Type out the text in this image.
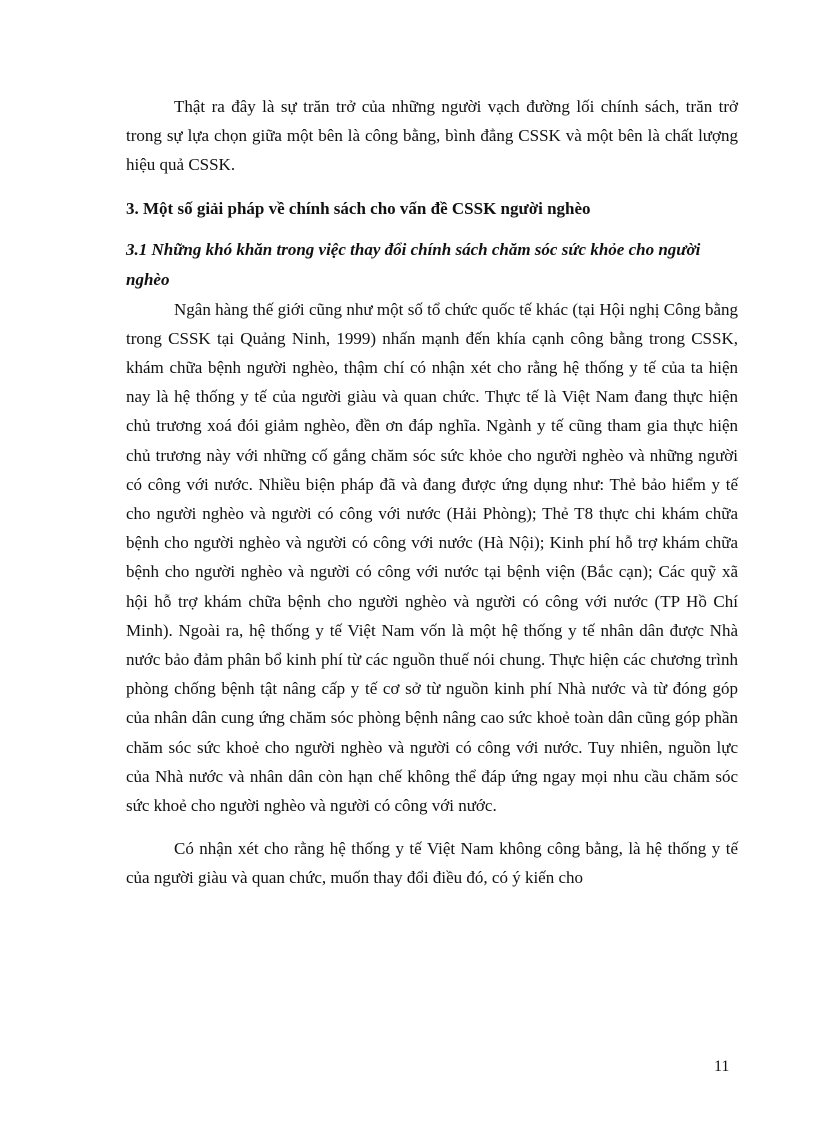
Thật ra đây là sự trăn trở của những người vạch đường lối chính sách, trăn trở trong sự lựa chọn giữa một bên là công bằng, bình đẳng CSSK và một bên là chất lượng hiệu quả CSSK.

3. Một số giải pháp về chính sách cho vấn đề CSSK người nghèo
3.1 Những khó khăn trong việc thay đổi chính sách chăm sóc sức khỏe cho người nghèo

Ngân hàng thế giới cũng như một số tổ chức quốc tế khác (tại Hội nghị Công bằng trong CSSK tại Quảng Ninh, 1999) nhấn mạnh đến khía cạnh công bằng trong CSSK, khám chữa bệnh người nghèo, thậm chí có nhận xét cho rằng hệ thống y tế của ta hiện nay là hệ thống y tế của người giàu và quan chức. Thực tế là Việt Nam đang thực hiện chủ trương xoá đói giảm nghèo, đền ơn đáp nghĩa. Ngành y tế cũng tham gia thực hiện chủ trương này với những cố gắng chăm sóc sức khỏe cho người nghèo và những người có công với nước. Nhiều biện pháp đã và đang được ứng dụng như: Thẻ bảo hiểm y tế cho người nghèo và người có công với nước (Hải Phòng); Thẻ T8 thực chi khám chữa bệnh cho người nghèo và người có công với nước (Hà Nội); Kinh phí hỗ trợ khám chữa bệnh cho người nghèo và người có công với nước tại bệnh viện (Bắc cạn); Các quỹ xã hội hỗ trợ khám chữa bệnh cho người nghèo và người có công với nước (TP Hồ Chí Minh). Ngoài ra, hệ thống y tế Việt Nam vốn là một hệ thống y tế nhân dân được Nhà nước bảo đảm phân bổ kinh phí từ các nguồn thuế nói chung. Thực hiện các chương trình phòng chống bệnh tật nâng cấp y tế cơ sở từ nguồn kinh phí Nhà nước và từ đóng góp của nhân dân cung ứng chăm sóc phòng bệnh nâng cao sức khoẻ toàn dân cũng góp phần chăm sóc sức khoẻ cho người nghèo và người có công với nước. Tuy nhiên, nguồn lực của Nhà nước và nhân dân còn hạn chế không thể đáp ứng ngay mọi nhu cầu chăm sóc sức khoẻ cho người nghèo và người có công với nước.

Có nhận xét cho rằng hệ thống y tế Việt Nam không công bằng, là hệ thống y tế của người giàu và quan chức, muốn thay đổi điều đó, có ý kiến cho

11
